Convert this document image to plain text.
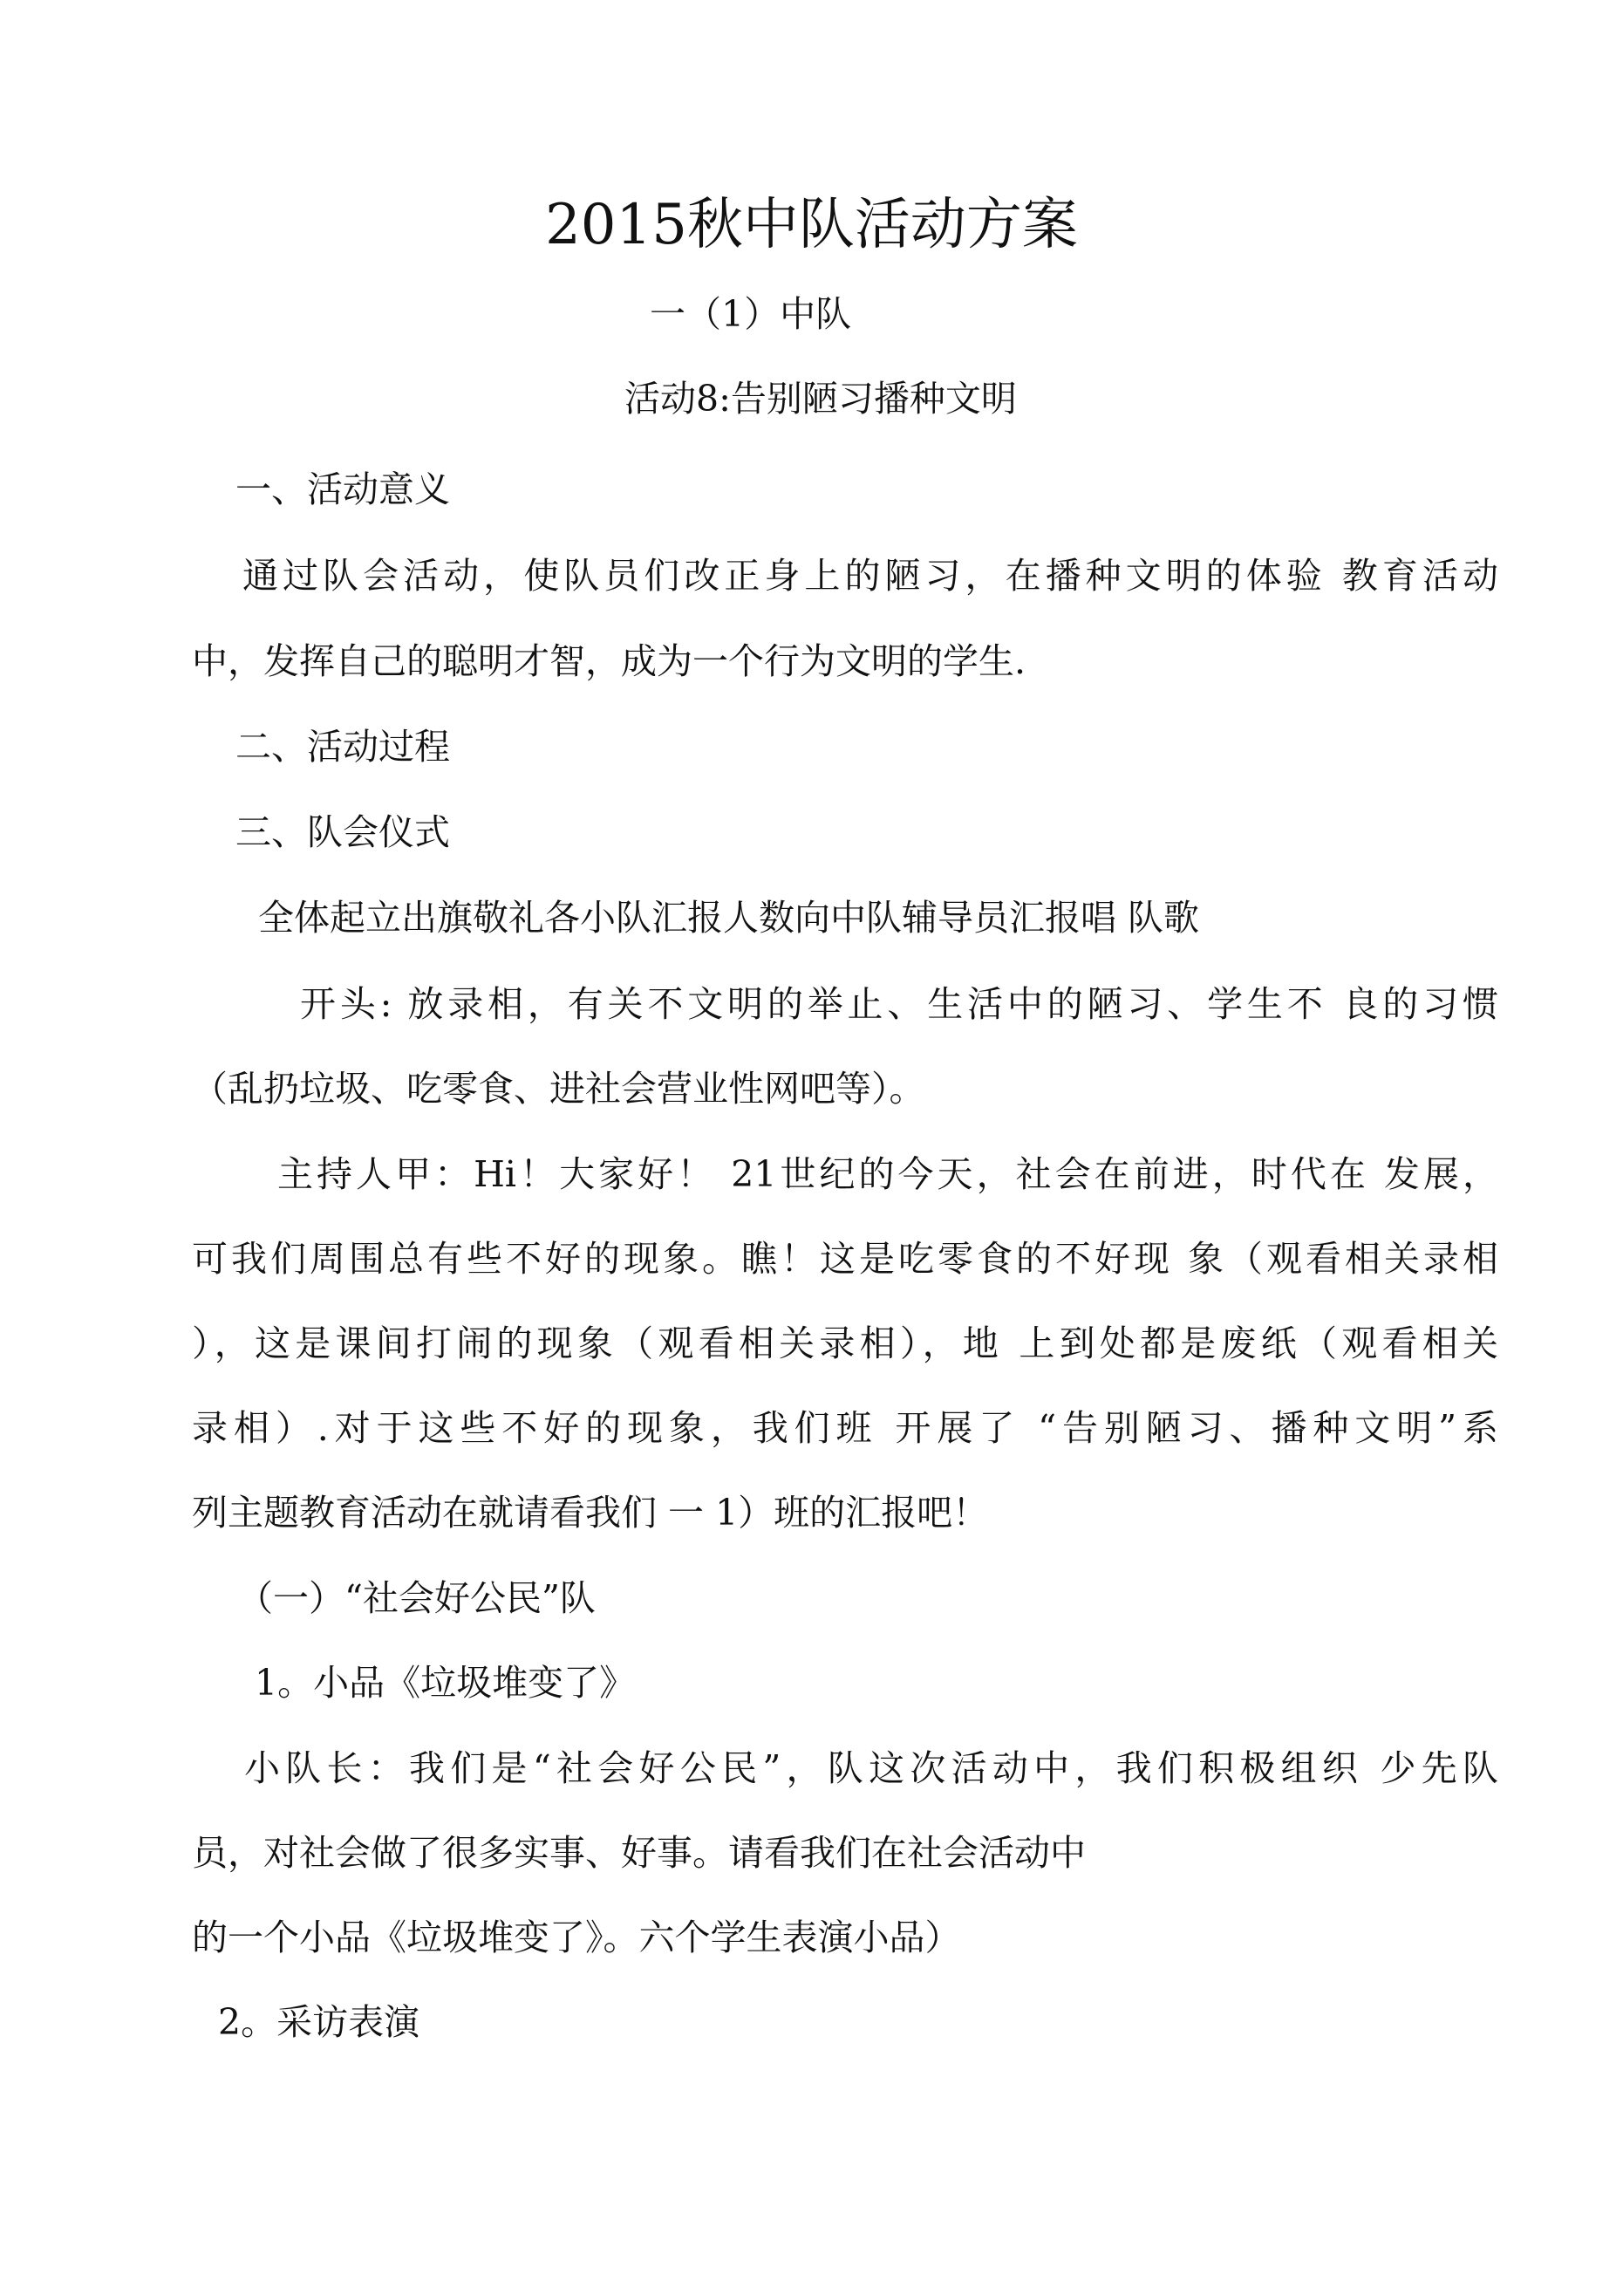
2015秋中队活动方案
一（1）中队
活动8:告别陋习播种文明
一、活动意义
通过队会活动，使队员们改正身上的陋习，在播种文明的体验 教育活动
中，发挥自己的聪明才智，成为一个行为文明的学生.
二、活动过程
三、队会仪式
全体起立出旗敬礼各小队汇报人数向中队辅导员汇报唱 队歌
开头: 放录相，有关不文明的举止、生活中的陋习、学生不 良的习惯
（乱扔垃圾、吃零食、进社会营业性网吧等）。
主持人甲：Hi！大家好！ 21世纪的今天，社会在前进，时代在 发展，
可我们周围总有些不好的现象。瞧！这是吃零食的不好现 象（观看相关录相
），这是课间打闹的现象（观看相关录相），地 上到处都是废纸（观看相关
录相）.对于这些不好的现象，我们班 开展了 “告别陋习、播种文明”系
列主题教育活动在就请看我们 一 1）班的汇报吧！
（一）“社会好公民”队
1。小品《垃圾堆变了》
小队长：我们是“社会好公民”，队这次活动中，我们积极组织 少先队
员，对社会做了很多实事、好事。请看我们在社会活动中
的一个小品《垃圾堆变了》。六个学生表演小品）
2。采访表演
